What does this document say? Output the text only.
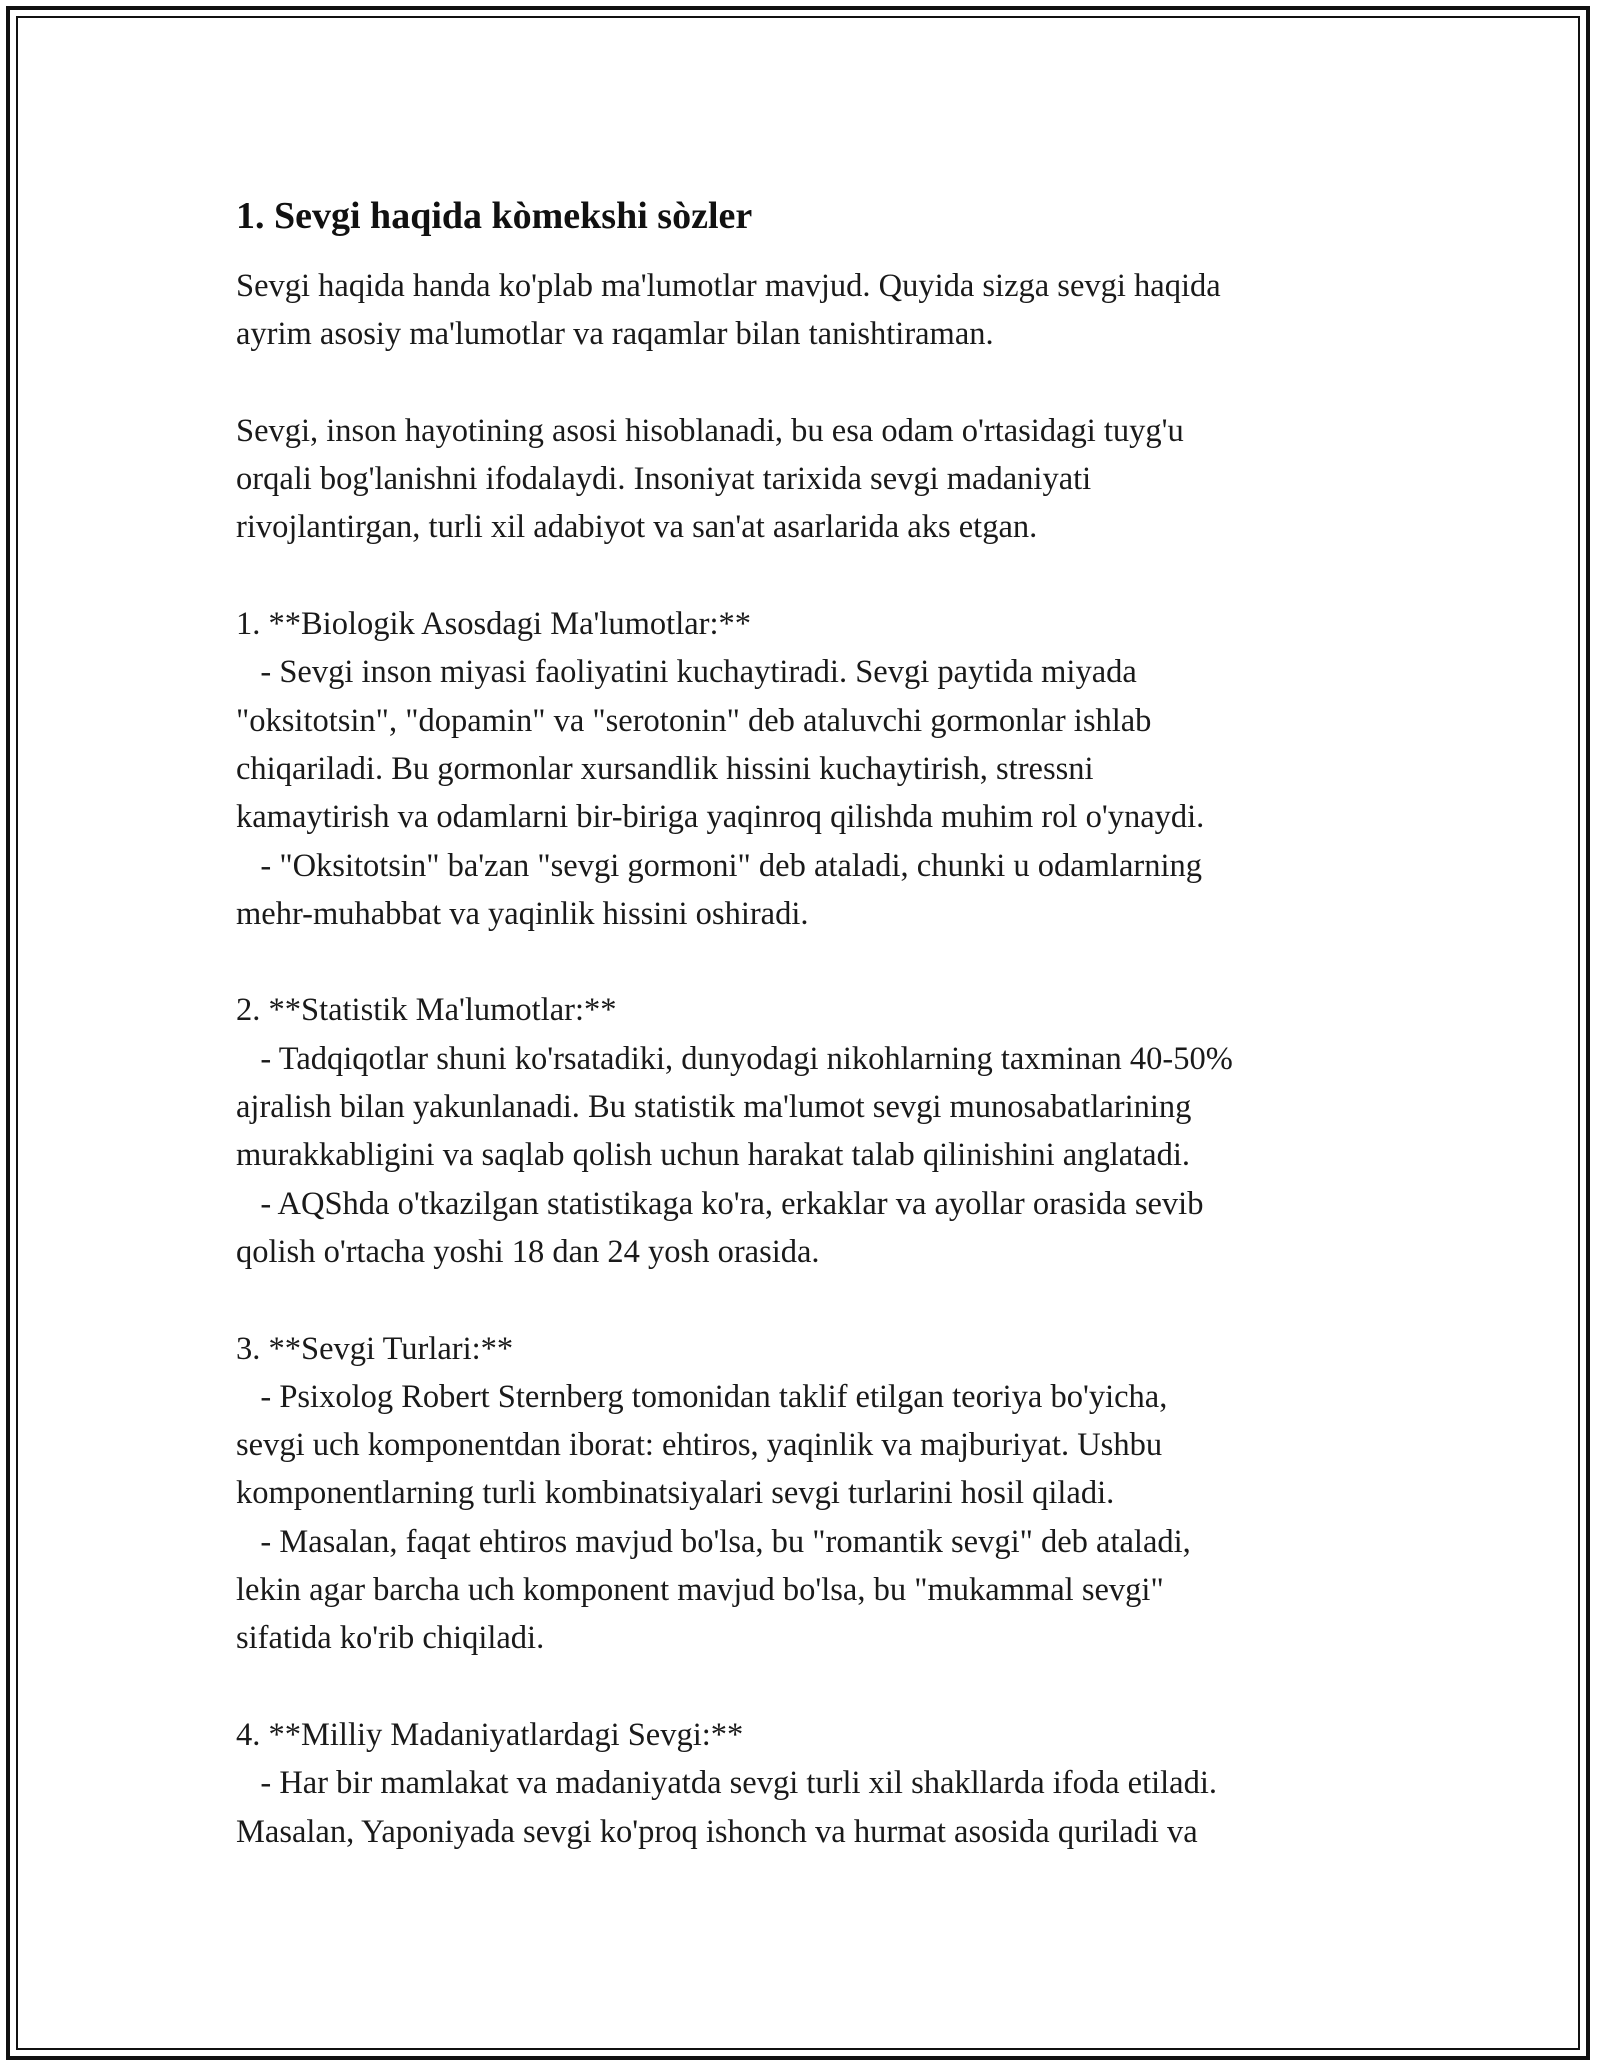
1. Sevgi haqida kòmekshi sòzler

Sevgi haqida handa ko'plab ma'lumotlar mavjud. Quyida sizga sevgi haqida
ayrim asosiy ma'lumotlar va raqamlar bilan tanishtiraman.

Sevgi, inson hayotining asosi hisoblanadi, bu esa odam o'rtasidagi tuyg'u
orqali bog'lanishni ifodalaydi. Insoniyat tarixida sevgi madaniyati
rivojlantirgan, turli xil adabiyot va san'at asarlarida aks etgan.

1. **Biologik Asosdagi Ma'lumotlar:**

- Sevgi inson miyasi faoliyatini kuchaytiradi. Sevgi paytida miyada
"oksitotsin", "dopamin" va "serotonin" deb ataluvchi gormonlar ishlab
chiqariladi. Bu gormonlar xursandlik hissini kuchaytirish, stressni
kamaytirish va odamlarni bir-biriga yaqinroq qilishda muhim rol o'ynaydi.
- "Oksitotsin" ba'zan "sevgi gormoni" deb ataladi, chunki u odamlarning
mehr-muhabbat va yaqinlik hissini oshiradi.

2. **Statistik Ma'lumotlar:**

- Tadqiqotlar shuni ko'rsatadiki, dunyodagi nikohlarning taxminan 40-50%
ajralish bilan yakunlanadi. Bu statistik ma'lumot sevgi munosabatlarining
murakkabligini va saqlab qolish uchun harakat talab qilinishini anglatadi.
- AQShda o'tkazilgan statistikaga ko'ra, erkaklar va ayollar orasida sevib
qolish o'rtacha yoshi 18 dan 24 yosh orasida.

3. **Sevgi Turlari:**

- Psixolog Robert Sternberg tomonidan taklif etilgan teoriya bo'yicha,
sevgi uch komponentdan iborat: ehtiros, yaqinlik va majburiyat. Ushbu
komponentlarning turli kombinatsiyalari sevgi turlarini hosil qiladi.
- Masalan, faqat ehtiros mavjud bo'lsa, bu "romantik sevgi" deb ataladi,
lekin agar barcha uch komponent mavjud bo'lsa, bu "mukammal sevgi"
sifatida ko'rib chiqiladi.

4. **Milliy Madaniyatlardagi Sevgi:**

- Har bir mamlakat va madaniyatda sevgi turli xil shakllarda ifoda etiladi.
Masalan, Yaponiyada sevgi ko'proq ishonch va hurmat asosida quriladi va
